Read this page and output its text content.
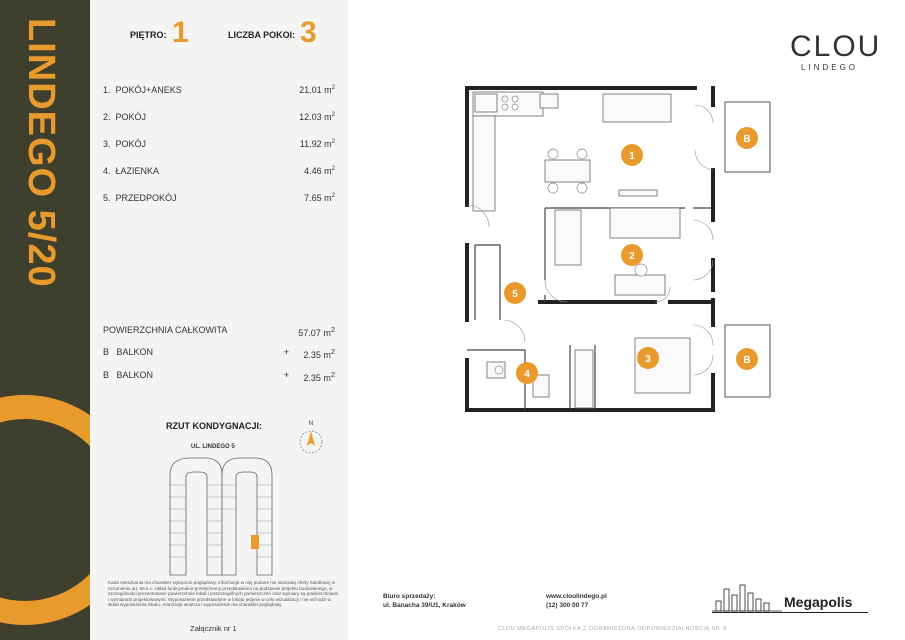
LINDEGO 5/20	PIĘTRO: 1	LICZBA POKOI: 3
1. POKÓJ+ANEKS	21.01 $m^2$
2. POKÓJ	12.03 $m^2$
3. POKÓJ	11.92 $m^2$
4. ŁAZIENKA	4.46 $m^2$
5. PRZEDPOKÓJ	7.65 $m^2$
POWIERZCHNIA CAŁKOWITA	57.07 $m^2$
B BALKON	+ 2.35 $m^2$
B BALKON	+ 2.35 $m^2$
RZUT KONDYGNACJI:
UL. LINDEGO 5
N
Karta mieszkania ma charakter wyłącznie poglądowy. Informacje w niej podane nie stanowią oferty handlowej w rozumieniu art. 66 k.c. Układ funkcjonalno-przestrzenny przedstawiono na podstawie projektu budowlanego, w szczególności prezentowane powierzchnie lokali i poszczególnych pomieszczeń oraz wymiary są powierzchniami i wymiarami projektowanymi. Wyposażenie przedstawione w lokalu jedynie w celu wizualizacji i nie wchodzi w skład wyposażenia lokalu. Aranżacja wnętrza i wyposażenie ma charakter poglądowy.
Załącznik nr 1
CLOU
LINDEGO
1
2
3
4
5
B
B
Biuro sprzedaży:
ul. Banacha 39/U1, Kraków
www.cloulindego.pl
(12) 300 00 77	Megapolis
CLOU MEGAPOLIS SPÓŁKA Z OGRANICZONĄ ODPOWIEDZIALNOŚCIĄ SP. K.
